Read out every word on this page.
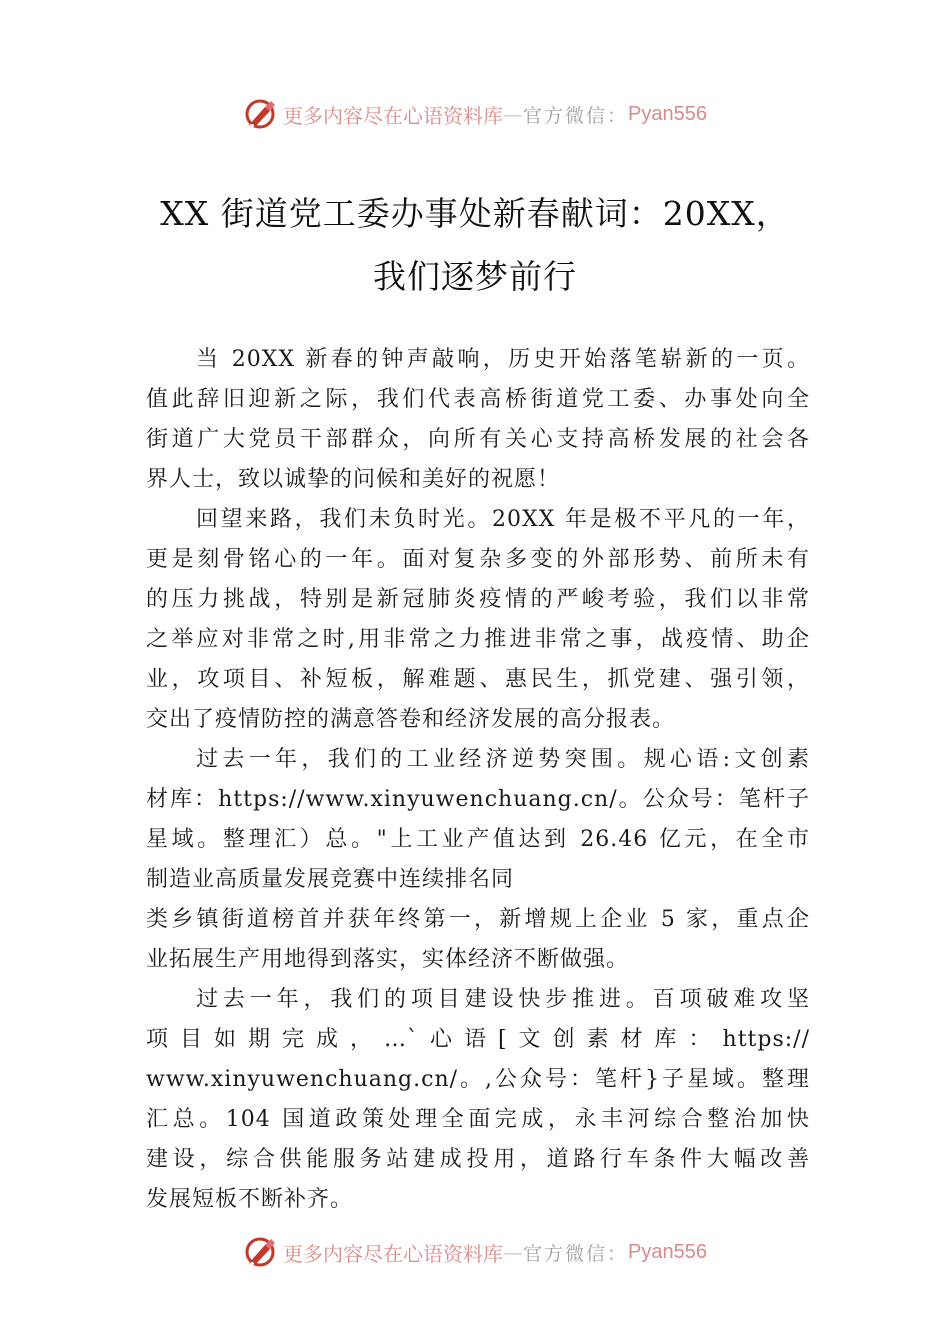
更多内容尽在心语资料库 — 官方微信： Pyan556
XX 街道党工委办事处新春献词：20XX，
我们逐梦前行
当 20XX 新春的钟声敲响，历史开始落笔崭新的一页。
值此辞旧迎新之际，我们代表高桥街道党工委、办事处向全
街道广大党员干部群众，向所有关心支持高桥发展的社会各
界人士，致以诚挚的问候和美好的祝愿！
回望来路，我们未负时光。20XX 年是极不平凡的一年，
更是刻骨铭心的一年。面对复杂多变的外部形势、前所未有
的压力挑战，特别是新冠肺炎疫情的严峻考验，我们以非常
之举应对非常之时,用非常之力推进非常之事，战疫情、助企
业，攻项目、补短板，解难题、惠民生，抓党建、强引领，
交出了疫情防控的满意答卷和经济发展的高分报表。
过去一年，我们的工业经济逆势突围。规心语:文创素
材库：https://www.xinyuwenchuang.cn/。公众号：笔杆子
星域。整理汇）总。"上工业产值达到 26.46 亿元，在全市
制造业高质量发展竞赛中连续排名同
类乡镇街道榜首并获年终第一，新增规上企业 5 家，重点企
业拓展生产用地得到落实，实体经济不断做强。
过去一年，我们的项目建设快步推进。百项破难攻坚
项目如期完成，…`心语[文创素材库：https://
www.xinyuwenchuang.cn/。,公众号：笔杆}子星域。整理
汇总。104 国道政策处理全面完成，永丰河综合整治加快
建设，综合供能服务站建成投用，道路行车条件大幅改善
发展短板不断补齐。
更多内容尽在心语资料库 — 官方微信： Pyan556
